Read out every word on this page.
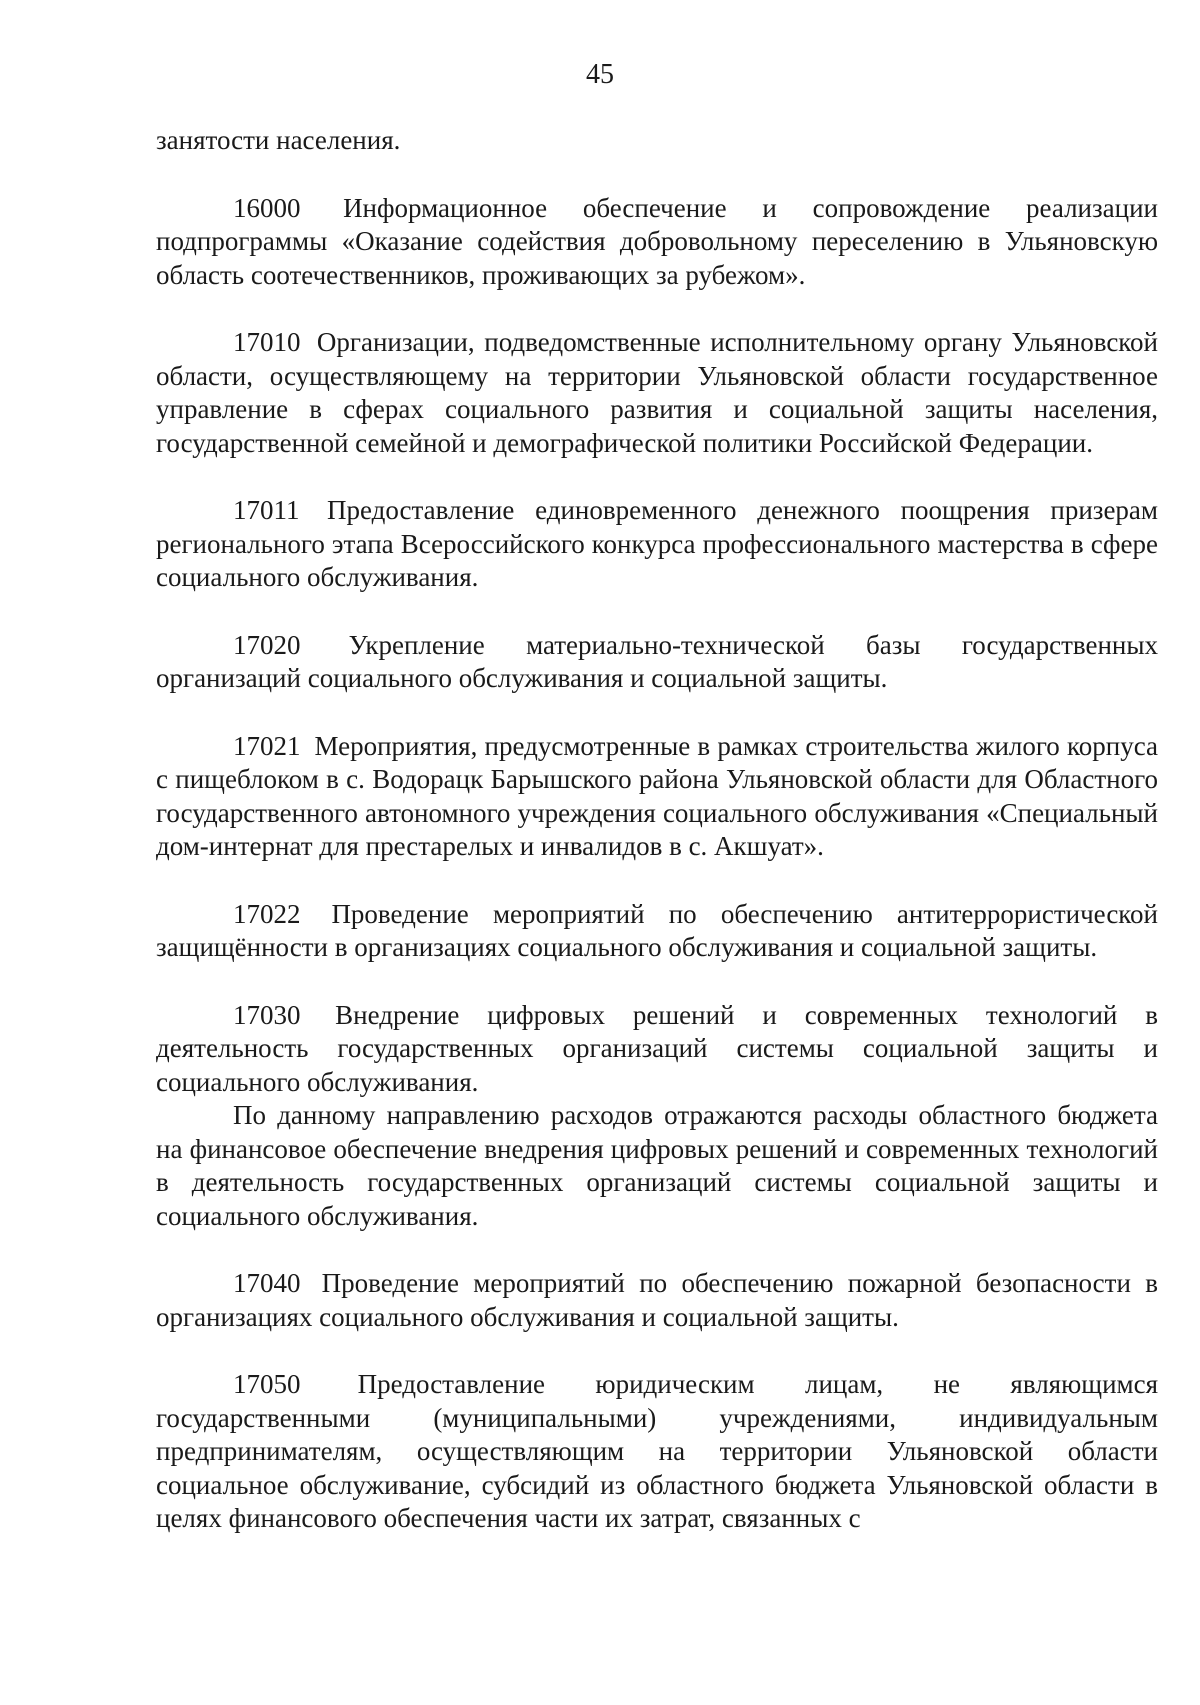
45

занятости населения.

16000 Информационное обеспечение и сопровождение реализации подпрограммы «Оказание содействия добровольному переселению в Ульяновскую область соотечественников, проживающих за рубежом».

17010 Организации, подведомственные исполнительному органу Ульяновской области, осуществляющему на территории Ульяновской области государственное управление в сферах социального развития и социальной защиты населения, государственной семейной и демографической политики Российской Федерации.

17011 Предоставление единовременного денежного поощрения призерам регионального этапа Всероссийского конкурса профессионального мастерства в сфере социального обслуживания.

17020 Укрепление материально-технической базы государственных организаций социального обслуживания и социальной защиты.

17021 Мероприятия, предусмотренные в рамках строительства жилого корпуса с пищеблоком в с. Водорацк Барышского района Ульяновской области для Областного государственного автономного учреждения социального обслуживания «Специальный дом-интернат для престарелых и инвалидов в с. Акшуат».

17022 Проведение мероприятий по обеспечению антитеррористической защищённости в организациях социального обслуживания и социальной защиты.

17030 Внедрение цифровых решений и современных технологий в деятельность государственных организаций системы социальной защиты и социального обслуживания.

По данному направлению расходов отражаются расходы областного бюджета на финансовое обеспечение внедрения цифровых решений и современных технологий в деятельность государственных организаций системы социальной защиты и социального обслуживания.

17040 Проведение мероприятий по обеспечению пожарной безопасности в организациях социального обслуживания и социальной защиты.

17050 Предоставление юридическим лицам, не являющимся государственными (муниципальными) учреждениями, индивидуальным предпринимателям, осуществляющим на территории Ульяновской области социальное обслуживание, субсидий из областного бюджета Ульяновской области в целях финансового обеспечения части их затрат, связанных с
